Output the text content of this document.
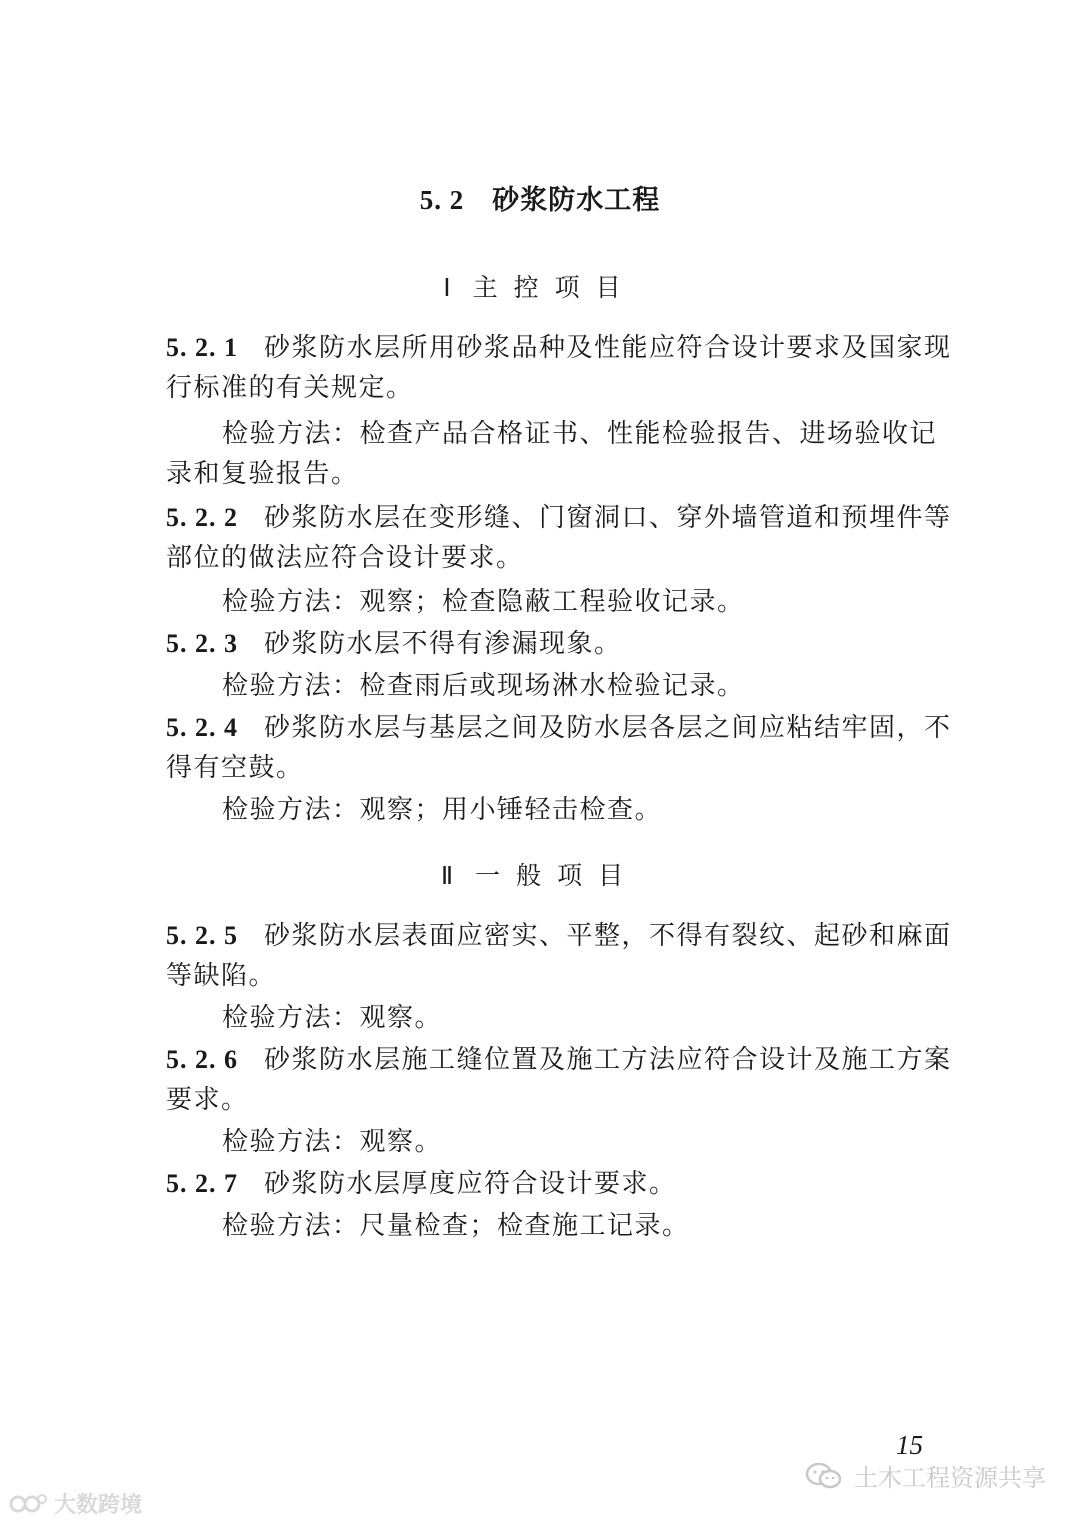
5. 2 砂浆防水工程
Ⅰ 主控项目
5. 2. 1 砂浆防水层所用砂浆品种及性能应符合设计要求及国家现行标准的有关规定。
检验方法：检查产品合格证书、性能检验报告、进场验收记录和复验报告。
5. 2. 2 砂浆防水层在变形缝、门窗洞口、穿外墙管道和预埋件等部位的做法应符合设计要求。
检验方法：观察；检查隐蔽工程验收记录。
5. 2. 3 砂浆防水层不得有渗漏现象。
检验方法：检查雨后或现场淋水检验记录。
5. 2. 4 砂浆防水层与基层之间及防水层各层之间应粘结牢固，不得有空鼓。
检验方法：观察；用小锤轻击检查。
Ⅱ 一般项目
5. 2. 5 砂浆防水层表面应密实、平整，不得有裂纹、起砂和麻面等缺陷。
检验方法：观察。
5. 2. 6 砂浆防水层施工缝位置及施工方法应符合设计及施工方案要求。
检验方法：观察。
5. 2. 7 砂浆防水层厚度应符合设计要求。
检验方法：尺量检查；检查施工记录。
15
大数跨境
土木工程资源共享
